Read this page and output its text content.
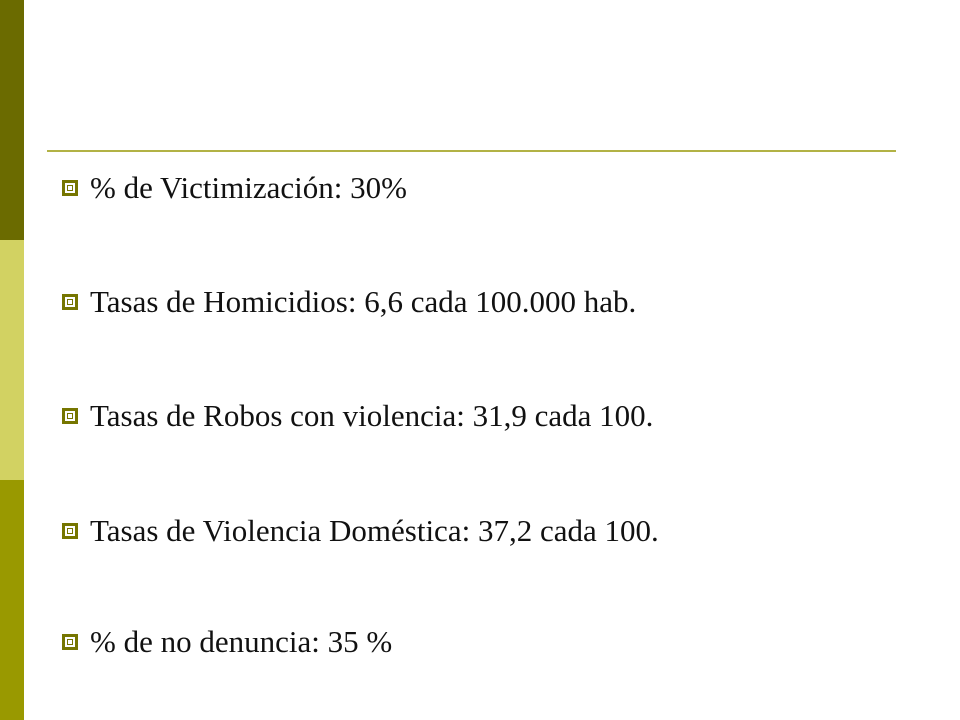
% de Victimización: 30%
Tasas de Homicidios: 6,6 cada 100.000 hab.
Tasas de Robos con violencia: 31,9 cada 100.
Tasas de Violencia Doméstica: 37,2 cada 100.
% de no denuncia: 35 %
